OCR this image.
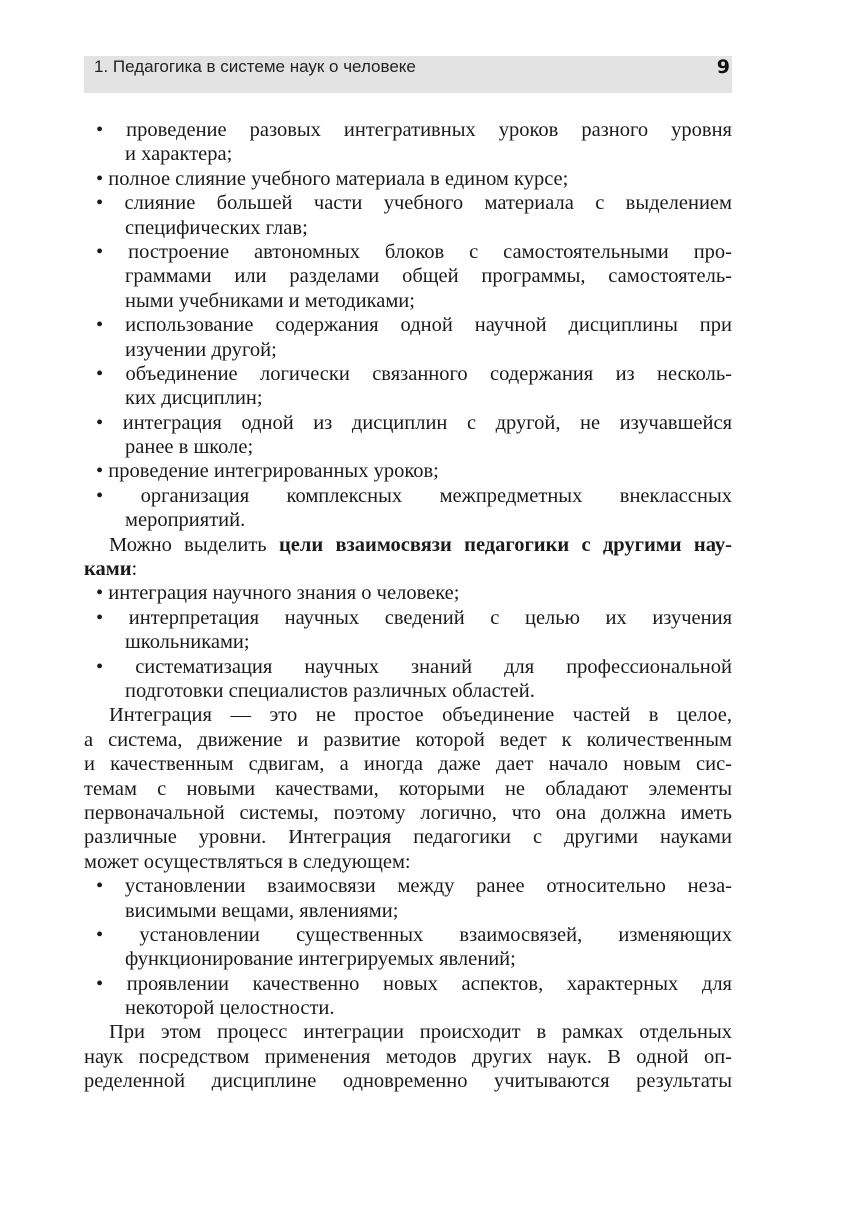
1. Педагогика в системе наук о человеке	9
• проведение разовых интегративных уроков разного уровня
и характера;
• полное слияние учебного материала в едином курсе;
• слияние большей части учебного материала с выделением
специфических глав;
• построение автономных блоков с самостоятельными про-
граммами или разделами общей программы, самостоятель-
ными учебниками и методиками;
• использование содержания одной научной дисциплины при
изучении другой;
• объединение логически связанного содержания из несколь-
ких дисциплин;
• интеграция одной из дисциплин с другой, не изучавшейся
ранее в школе;
• проведение интегрированных уроков;
• организация комплексных межпредметных внеклассных
мероприятий.
Можно выделить цели взаимосвязи педагогики с другими нау-
ками:
• интеграция научного знания о человеке;
• интерпретация научных сведений с целью их изучения
школьниками;
• систематизация научных знаний для профессиональной
подготовки специалистов различных областей.
Интеграция — это не простое объединение частей в целое,
а система, движение и развитие которой ведет к количественным
и качественным сдвигам, а иногда даже дает начало новым сис-
темам с новыми качествами, которыми не обладают элементы
первоначальной системы, поэтому логично, что она должна иметь
различные уровни. Интеграция педагогики с другими науками
может осуществляться в следующем:
• установлении взаимосвязи между ранее относительно неза-
висимыми вещами, явлениями;
• установлении существенных взаимосвязей, изменяющих
функционирование интегрируемых явлений;
• проявлении качественно новых аспектов, характерных для
некоторой целостности.
При этом процесс интеграции происходит в рамках отдельных
наук посредством применения методов других наук. В одной оп-
ределенной дисциплине одновременно учитываются результаты
